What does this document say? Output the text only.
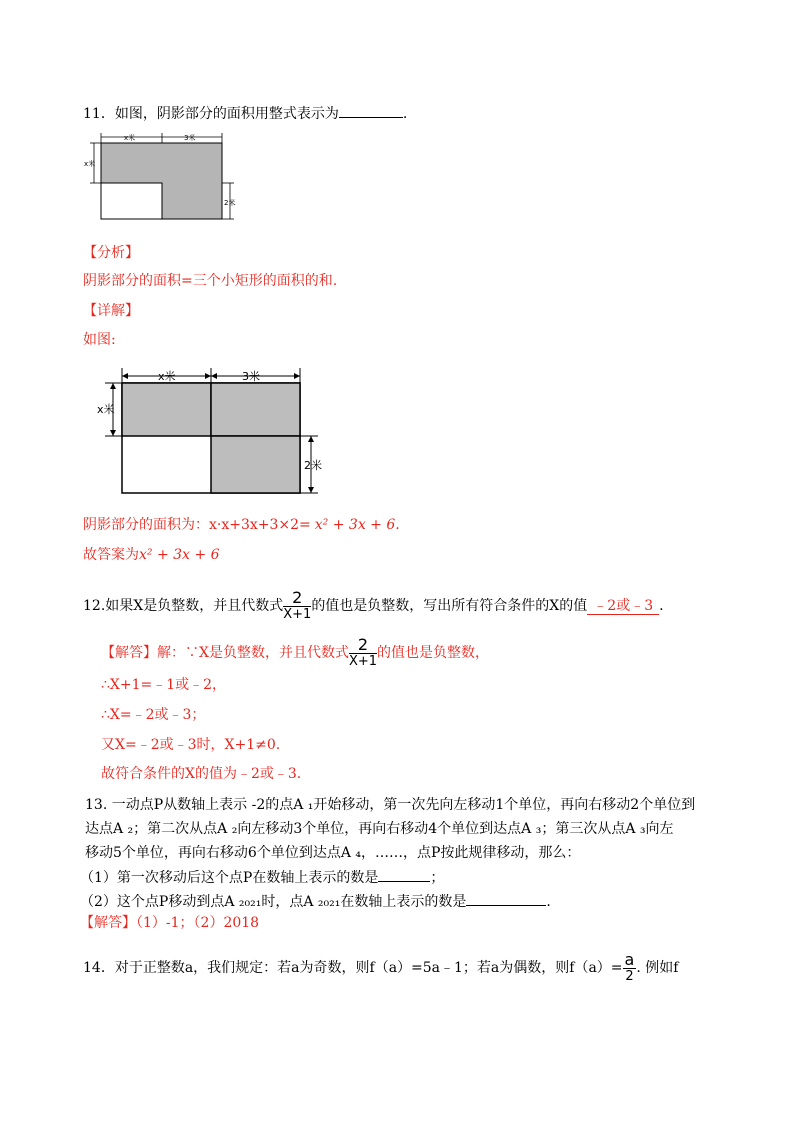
11．如图，阴影部分的面积用整式表示为	.
x米	3米
x米
2米
【分析】
阴影部分的面积=三个小矩形的面积的和.
【详解】
如图:
x米	3米
x米
2米
阴影部分的面积为：x·x+3x+3×2= x² + 3x + 6.
故答案为x² + 3x + 6
12.如果X是负整数，并且代数式 $\frac{2}{X+1}$ 的值也是负整数，写出所有符合条件的X的值 ﹣2或﹣3 .
【解答】解：∵X是负整数，并且代数式 $\frac{2}{X+1}$ 的值也是负整数，
∴X+1=﹣1或﹣2，
∴X=﹣2或﹣3；
又X=﹣2或﹣3时，X+1≠0.
故符合条件的X的值为﹣2或﹣3.
13. 一动点P从数轴上表示 -2的点A ₁开始移动，第一次先向左移动1个单位，再向右移动2个单位到
达点A ₂；第二次从点A ₂向左移动3个单位，再向右移动4个单位到达点A ₃；第三次从点A ₃向左
移动5个单位，再向右移动6个单位到达点A ₄，……，点P按此规律移动，那么：
（1）第一次移动后这个点P在数轴上表示的数是	；
（2）这个点P移动到点A ₂₀₂₁时，点A ₂₀₂₁在数轴上表示的数是	.
【解答】（1）-1；（2）2018
14．对于正整数a，我们规定：若a为奇数，则f（a）=5a﹣1；若a为偶数，则$f(a)= \frac{a}{2}$ . 例如f
